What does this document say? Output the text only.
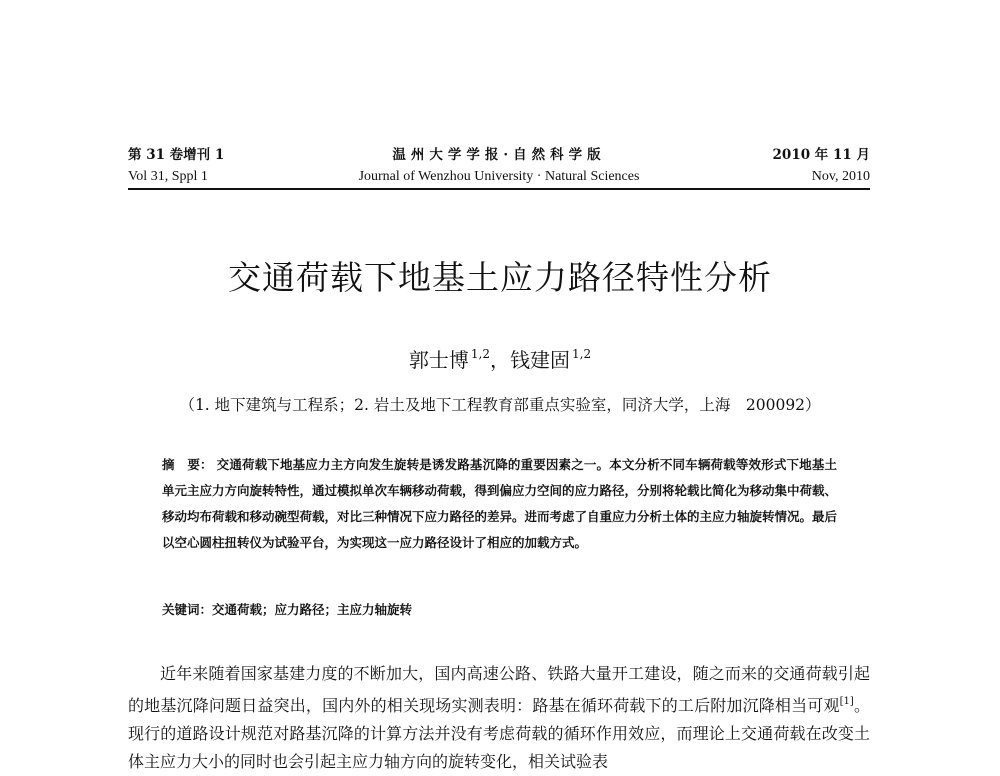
第 31 卷增刊 1
Vol 31, Sppl 1
温州大学学报·自然科学版
Journal of Wenzhou University · Natural Sciences
2010 年 11 月
Nov, 2010
交通荷载下地基土应力路径特性分析
郭士博 $^{1,2}$，钱建固 $^{1,2}$
（1. 地下建筑与工程系；2. 岩土及地下工程教育部重点实验室，同济大学，上海　200092）
摘　要： 交通荷载下地基应力主方向发生旋转是诱发路基沉降的重要因素之一。本文分析不同车辆荷载等效形式下地基土单元主应力方向旋转特性，通过模拟单次车辆移动荷载，得到偏应力空间的应力路径，分别将轮载比简化为移动集中荷载、移动均布荷载和移动碗型荷载，对比三种情况下应力路径的差异。进而考虑了自重应力分析土体的主应力轴旋转情况。最后以空心圆柱扭转仪为试验平台，为实现这一应力路径设计了相应的加载方式。
关键词：交通荷载；应力路径；主应力轴旋转

近年来随着国家基建力度的不断加大，国内高速公路、铁路大量开工建设，随之而来的交通荷载引起的地基沉降问题日益突出，国内外的相关现场实测表明：路基在循环荷载下的工后附加沉降相当可观[1]。现行的道路设计规范对路基沉降的计算方法并没有考虑荷载的循环作用效应，而理论上交通荷载在改变土体主应力大小的同时也会引起主应力轴方向的旋转变化，相关试验表
